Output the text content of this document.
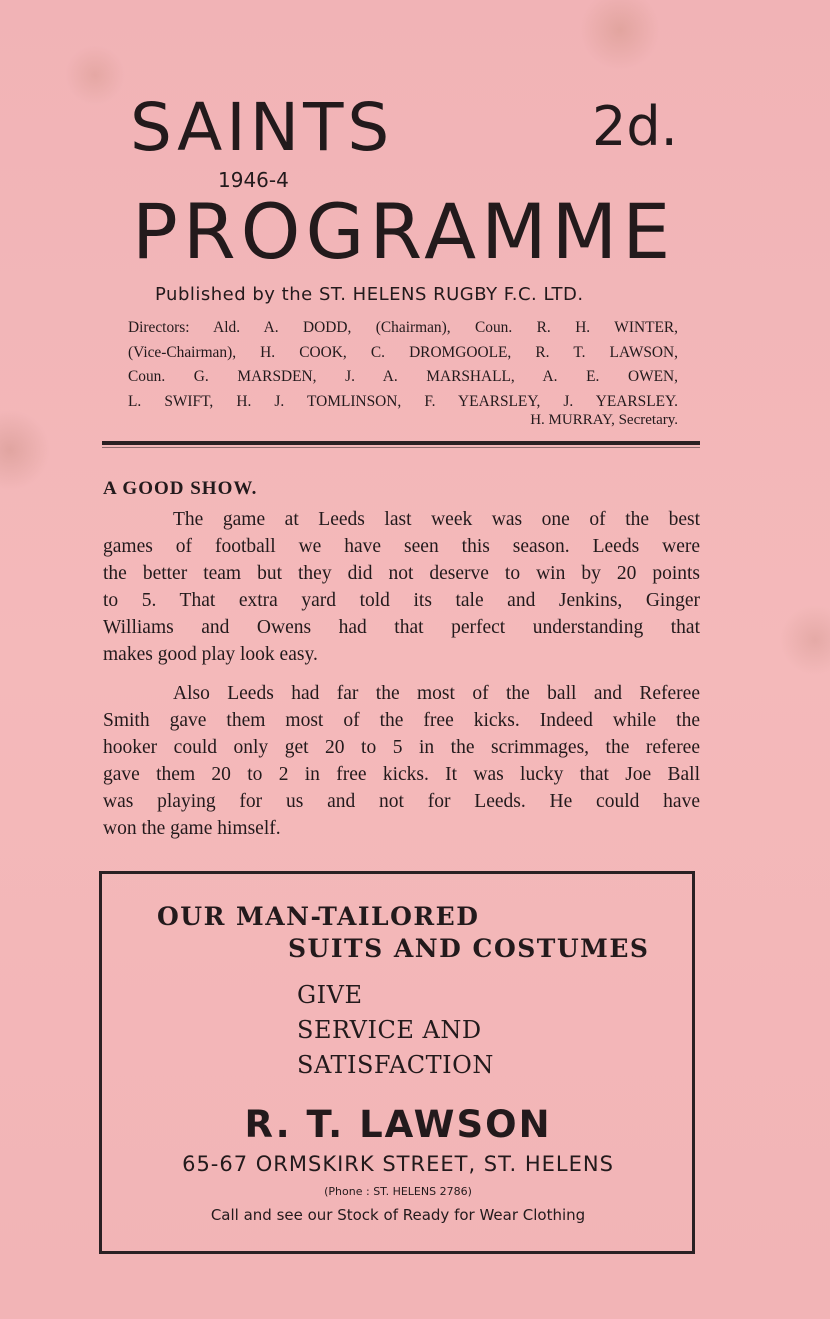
SAINTS	2d.
1946-4
PROGRAMME
Published by the ST. HELENS RUGBY F.C. LTD.
Directors: Ald. A. DODD, (Chairman), Coun. R. H. WINTER,
(Vice-Chairman), H. COOK, C. DROMGOOLE, R. T. LAWSON,
Coun. G. MARSDEN, J. A. MARSHALL, A. E. OWEN,
L. SWIFT, H. J. TOMLINSON, F. YEARSLEY, J. YEARSLEY.
H. MURRAY, Secretary.
A GOOD SHOW.
The game at Leeds last week was one of the best
games of football we have seen this season. Leeds were
the better team but they did not deserve to win by 20 points
to 5. That extra yard told its tale and Jenkins, Ginger
Williams and Owens had that perfect understanding that
makes good play look easy.
Also Leeds had far the most of the ball and Referee
Smith gave them most of the free kicks. Indeed while the
hooker could only get 20 to 5 in the scrimmages, the referee
gave them 20 to 2 in free kicks. It was lucky that Joe Ball
was playing for us and not for Leeds. He could have
won the game himself.
OUR MAN-TAILORED
SUITS AND COSTUMES
GIVE
SERVICE AND
SATISFACTION
R. T. LAWSON
65-67 ORMSKIRK STREET, ST. HELENS
(Phone : ST. HELENS 2786)
Call and see our Stock of Ready for Wear Clothing
